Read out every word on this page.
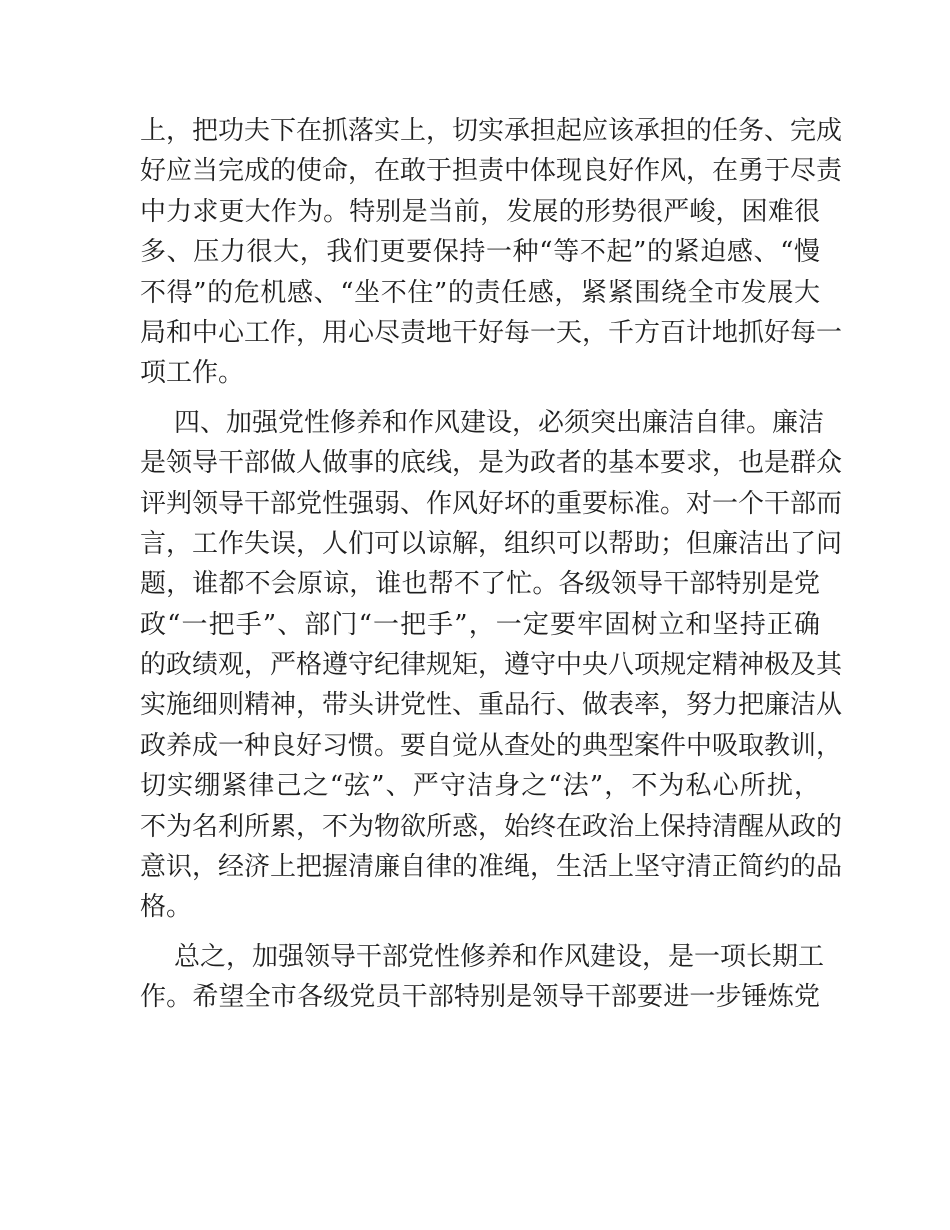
上，把功夫下在抓落实上，切实承担起应该承担的任务、完成
好应当完成的使命，在敢于担责中体现良好作风，在勇于尽责
中力求更大作为。特别是当前，发展的形势很严峻，困难很
多、压力很大，我们更要保持一种“等不起”的紧迫感、“慢
不得”的危机感、“坐不住”的责任感，紧紧围绕全市发展大
局和中心工作，用心尽责地干好每一天，千方百计地抓好每一
项工作。
四、加强党性修养和作风建设，必须突出廉洁自律。廉洁
是领导干部做人做事的底线，是为政者的基本要求，也是群众
评判领导干部党性强弱、作风好坏的重要标准。对一个干部而
言，工作失误，人们可以谅解，组织可以帮助；但廉洁出了问
题，谁都不会原谅，谁也帮不了忙。各级领导干部特别是党
政“一把手”、部门“一把手”，一定要牢固树立和坚持正确
的政绩观，严格遵守纪律规矩，遵守中央八项规定精神极及其
实施细则精神，带头讲党性、重品行、做表率，努力把廉洁从
政养成一种良好习惯。要自觉从查处的典型案件中吸取教训，
切实绷紧律己之“弦”、严守洁身之“法”，不为私心所扰，
不为名利所累，不为物欲所惑，始终在政治上保持清醒从政的
意识，经济上把握清廉自律的准绳，生活上坚守清正简约的品
格。
总之，加强领导干部党性修养和作风建设，是一项长期工
作。希望全市各级党员干部特别是领导干部要进一步锤炼党
